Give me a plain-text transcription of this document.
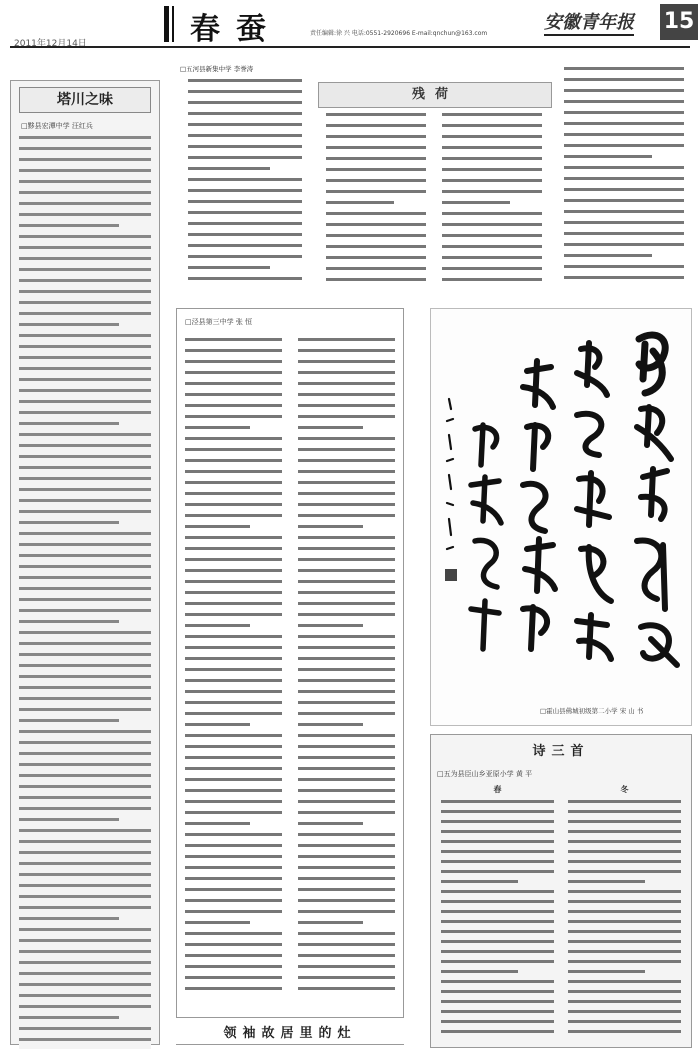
2011年12月14日	春蚕	责任编辑:徐 兴 电话:0551-2920696 E-mail:qnchun@163.com
安徽青年报 15
塔川之味
□黟县宏潭中学 汪红兵
□五河县新集中学 李誉涛
残荷
□泾县第三中学 张 恒
领袖故居里的灶
□霍山县佛城初级第二小学 宋 山 书
诗三首
□五为县臣山乡亚原小学 黄 平
春	冬
